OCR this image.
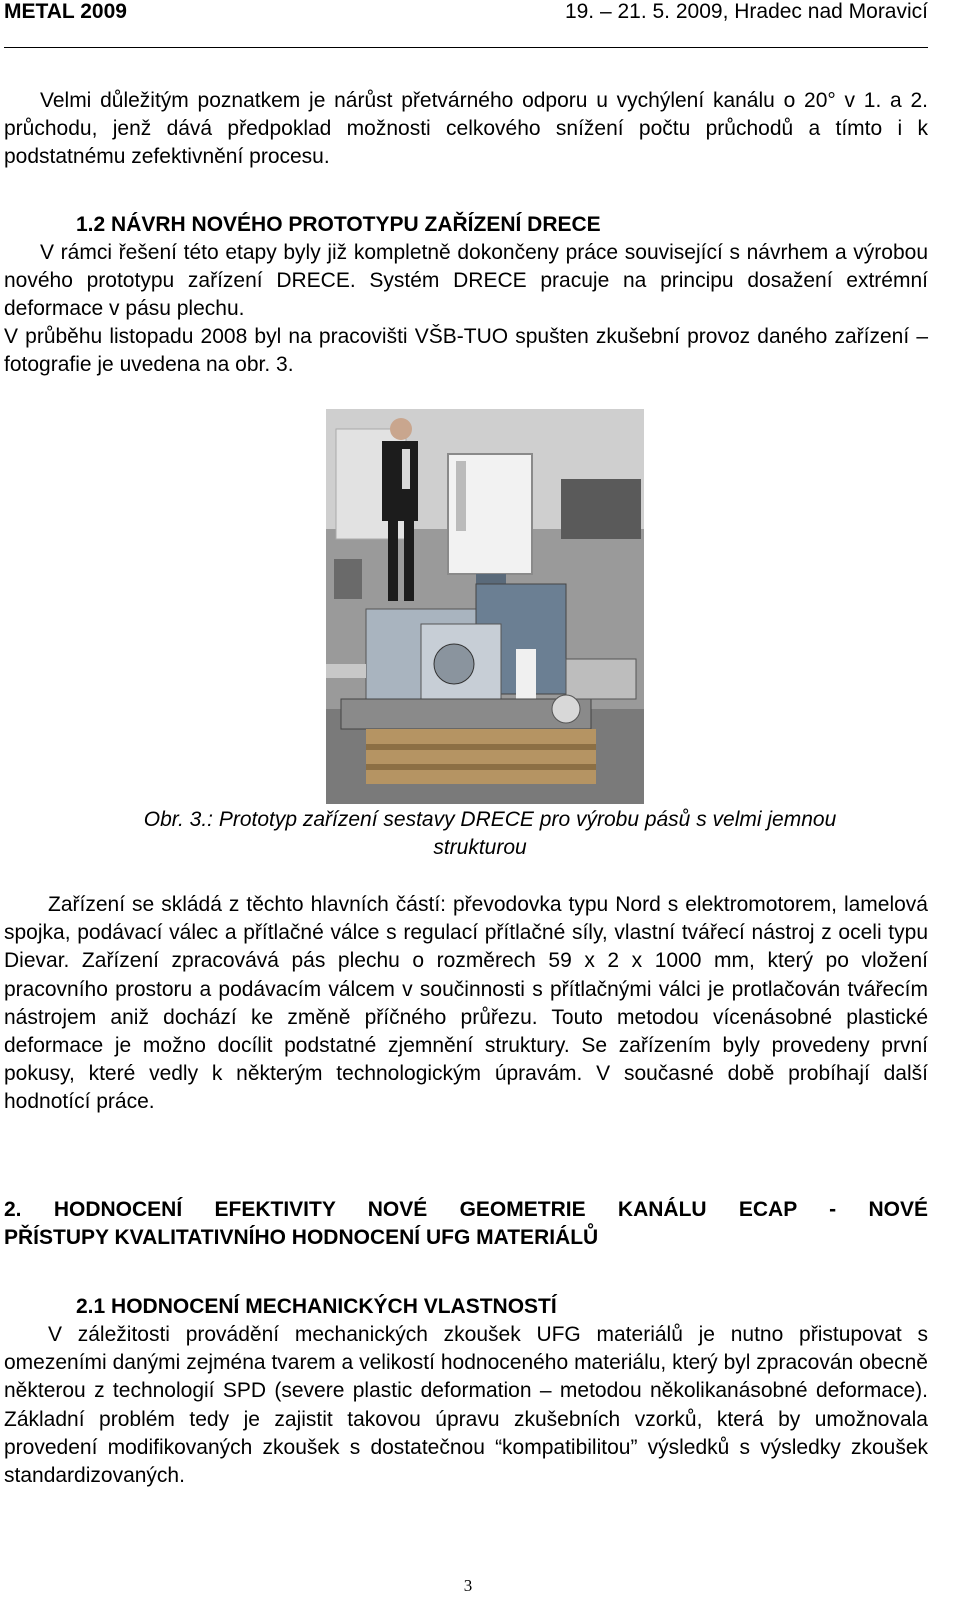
METAL 2009	19. – 21. 5. 2009, Hradec nad Moravicí

Velmi důležitým poznatkem je nárůst přetvárného odporu u vychýlení kanálu o 20° v 1. a 2. průchodu, jenž dává předpoklad možnosti celkového snížení počtu průchodů a tímto i k podstatnému zefektivnění procesu.

1.2 NÁVRH NOVÉHO PROTOTYPU ZAŘÍZENÍ DRECE

V rámci řešení této etapy byly již kompletně dokončeny práce související s návrhem a výrobou nového prototypu zařízení DRECE. Systém DRECE pracuje na principu dosažení extrémní deformace v pásu plechu.

V průběhu listopadu 2008 byl na pracovišti VŠB-TUO spušten zkušební provoz daného zařízení – fotografie je uvedena na obr. 3.

Obr. 3.: Prototyp zařízení sestavy DRECE pro výrobu pásů s velmi jemnou
strukturou

Zařízení se skládá z těchto hlavních částí: převodovka typu Nord s elektromotorem, lamelová spojka, podávací válec a přítlačné válce s regulací přítlačné síly, vlastní tvářecí nástroj z oceli typu Dievar. Zařízení zpracovává pás plechu o rozměrech 59 x 2 x 1000 mm, který po vložení pracovního prostoru a podávacím válcem v součinnosti s přítlačnými válci je protlačován tvářecím nástrojem aniž dochází ke změně příčného průřezu. Touto metodou vícenásobné plastické deformace je možno docílit podstatné zjemnění struktury. Se zařízením byly provedeny první pokusy, které vedly k některým technologickým úpravám. V současné době probíhají další hodnotící práce.

2. HODNOCENÍ EFEKTIVITY NOVÉ GEOMETRIE KANÁLU ECAP - NOVÉ
PŘÍSTUPY KVALITATIVNÍHO HODNOCENÍ UFG MATERIÁLŮ
2.1 HODNOCENÍ MECHANICKÝCH VLASTNOSTÍ

V záležitosti provádění mechanických zkoušek UFG materiálů je nutno přistupovat s omezeními danými zejména tvarem a velikostí hodnoceného materiálu, který byl zpracován obecně některou z technologií SPD (severe plastic deformation – metodou několikanásobné deformace). Základní problém tedy je zajistit takovou úpravu zkušebních vzorků, která by umožnovala provedení modifikovaných zkoušek s dostatečnou “kompatibilitou” výsledků s výsledky zkoušek standardizovaných.

3
